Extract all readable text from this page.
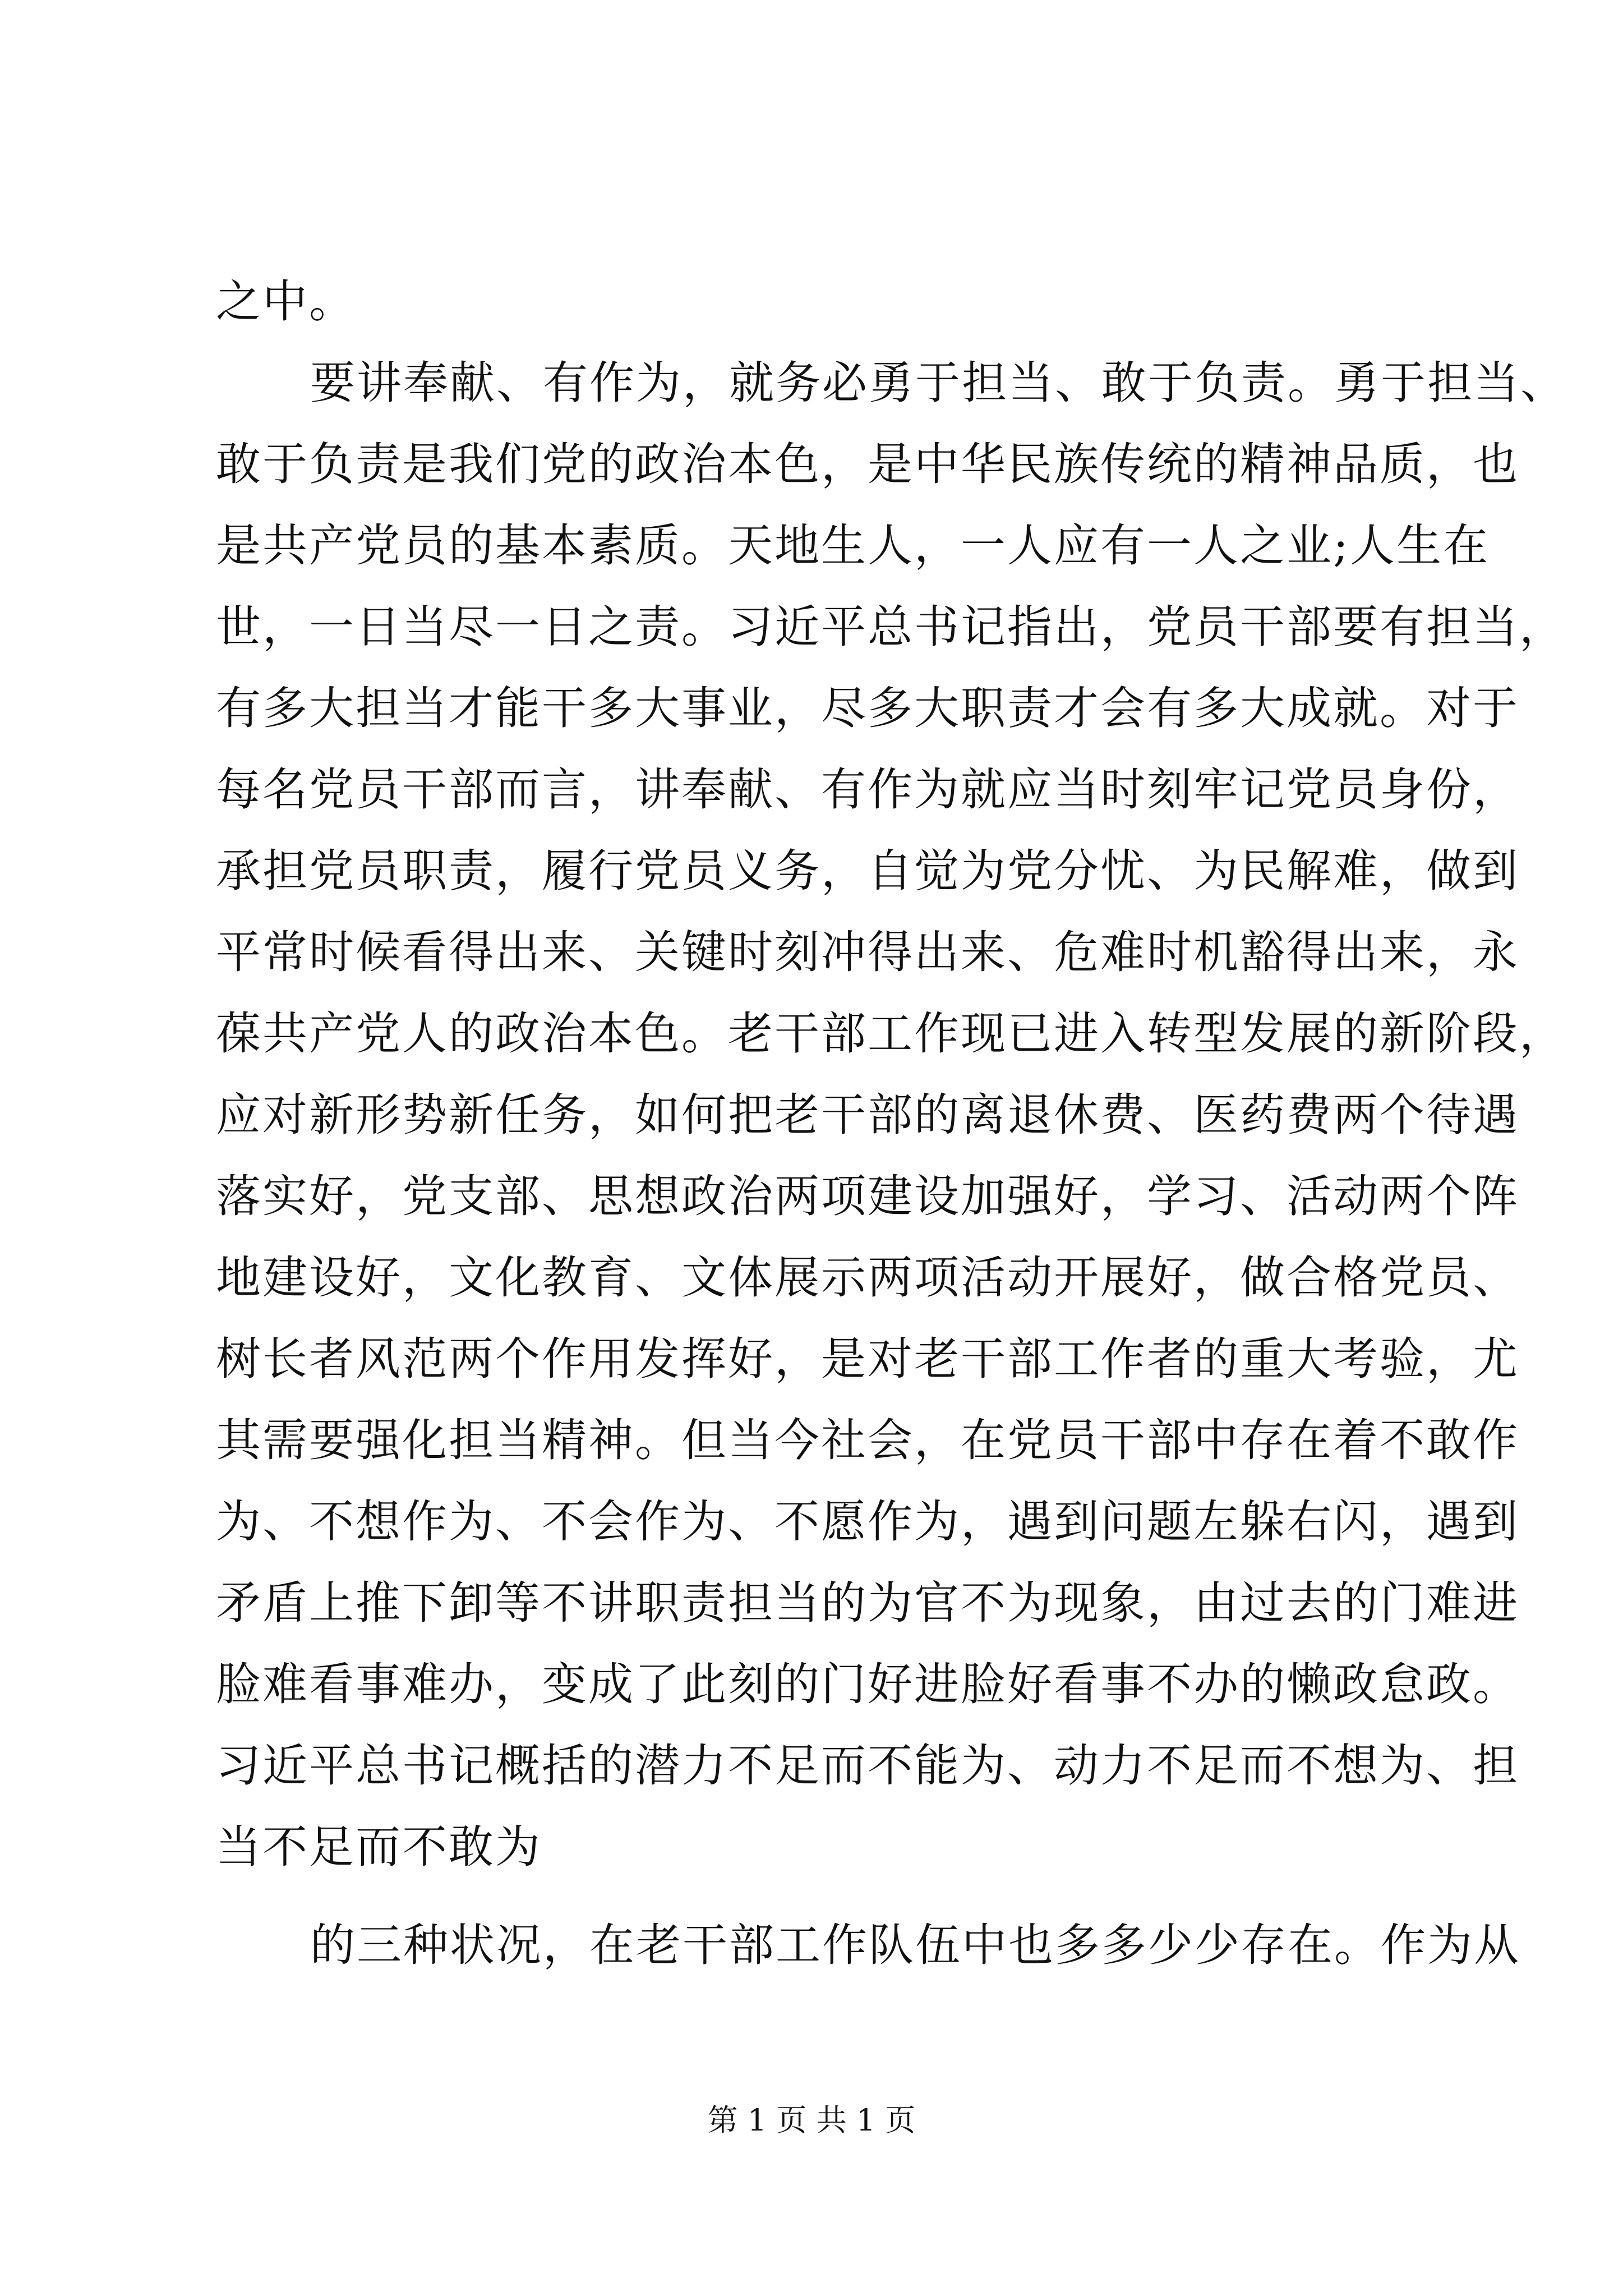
之中。
要讲奉献、有作为，就务必勇于担当、敢于负责。勇于担当、
敢于负责是我们党的政治本色，是中华民族传统的精神品质，也
是共产党员的基本素质。天地生人，一人应有一人之业;人生在
世，一日当尽一日之责。习近平总书记指出，党员干部要有担当，
有多大担当才能干多大事业，尽多大职责才会有多大成就。对于
每名党员干部而言，讲奉献、有作为就应当时刻牢记党员身份，
承担党员职责，履行党员义务，自觉为党分忧、为民解难，做到
平常时候看得出来、关键时刻冲得出来、危难时机豁得出来，永
葆共产党人的政治本色。老干部工作现已进入转型发展的新阶段，
应对新形势新任务，如何把老干部的离退休费、医药费两个待遇
落实好，党支部、思想政治两项建设加强好，学习、活动两个阵
地建设好，文化教育、文体展示两项活动开展好，做合格党员、
树长者风范两个作用发挥好，是对老干部工作者的重大考验，尤
其需要强化担当精神。但当今社会，在党员干部中存在着不敢作
为、不想作为、不会作为、不愿作为，遇到问题左躲右闪，遇到
矛盾上推下卸等不讲职责担当的为官不为现象，由过去的门难进
脸难看事难办，变成了此刻的门好进脸好看事不办的懒政怠政。
习近平总书记概括的潜力不足而不能为、动力不足而不想为、担
当不足而不敢为
的三种状况，在老干部工作队伍中也多多少少存在。作为从
第 1 页 共 1 页
